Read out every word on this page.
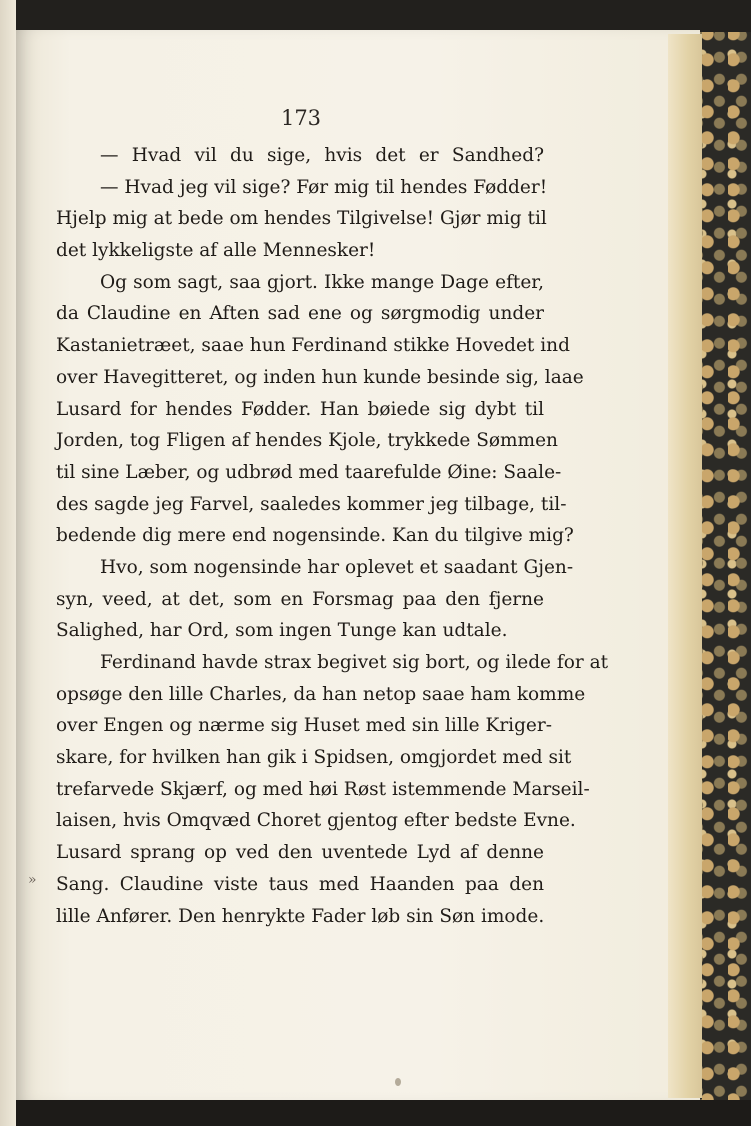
173
— Hvad vil du sige, hvis det er Sandhed?
— Hvad jeg vil sige? Før mig til hendes Fødder!
Hjelp mig at bede om hendes Tilgivelse! Gjør mig til
det lykkeligste af alle Mennesker!
Og som sagt, saa gjort. Ikke mange Dage efter,
da Claudine en Aften sad ene og sørgmodig under
Kastanietræet, saae hun Ferdinand stikke Hovedet ind
over Havegitteret, og inden hun kunde besinde sig, laae
Lusard for hendes Fødder. Han bøiede sig dybt til
Jorden, tog Fligen af hendes Kjole, trykkede Sømmen
til sine Læber, og udbrød med taarefulde Øine: Saale-
des sagde jeg Farvel, saaledes kommer jeg tilbage, til-
bedende dig mere end nogensinde. Kan du tilgive mig?
Hvo, som nogensinde har oplevet et saadant Gjen-
syn, veed, at det, som en Forsmag paa den fjerne
Salighed, har Ord, som ingen Tunge kan udtale.
Ferdinand havde strax begivet sig bort, og ilede for at
opsøge den lille Charles, da han netop saae ham komme
over Engen og nærme sig Huset med sin lille Kriger-
skare, for hvilken han gik i Spidsen, omgjordet med sit
trefarvede Skjærf, og med høi Røst istemmende Marseil-
laisen, hvis Omqvæd Choret gjentog efter bedste Evne.
Lusard sprang op ved den uventede Lyd af denne
Sang. Claudine viste taus med Haanden paa den
lille Anfører. Den henrykte Fader løb sin Søn imode.
»
